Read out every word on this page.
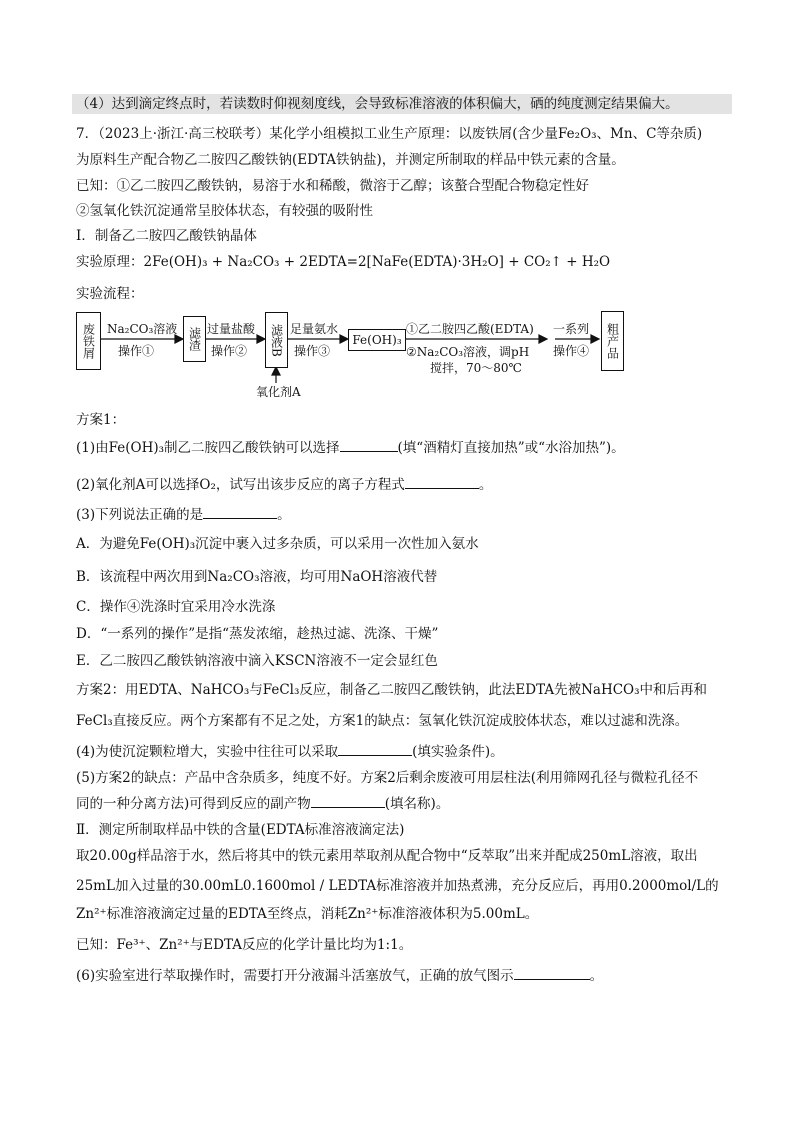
（4）达到滴定终点时，若读数时仰视刻度线，会导致标准溶液的体积偏大，硒的纯度测定结果偏大。
7．（2023上·浙江·高三校联考）某化学小组模拟工业生产原理：以废铁屑(含少量Fe₂O₃、Mn、C等杂质)
为原料生产配合物乙二胺四乙酸铁钠(EDTA铁钠盐)，并测定所制取的样品中铁元素的含量。
已知：①乙二胺四乙酸铁钠，易溶于水和稀酸，微溶于乙醇；该螯合型配合物稳定性好
②氢氧化铁沉淀通常呈胶体状态，有较强的吸附性
Ⅰ．制备乙二胺四乙酸铁钠晶体
实验原理：2Fe(OH)₃ + Na₂CO₃ + 2EDTA=2[NaFe(EDTA)·3H₂O] + CO₂↑ + H₂O
实验流程：
废铁屑 Na₂CO₃溶液
操作①	滤渣 过量盐酸
操作② 滤液B
氧化剂A
足量氨水
操作③
Fe(OH)₃
①乙二胺四乙酸(EDTA)
②Na₂CO₃溶液，调pH
搅拌，70～80℃
一系列
操作④ 粗产品
方案1：
(1)由Fe(OH)₃制乙二胺四乙酸铁钠可以选择	(填“酒精灯直接加热”或“水浴加热”)。
(2)氧化剂A可以选择O₂，试写出该步反应的离子方程式	。
(3)下列说法正确的是	。
A．为避免Fe(OH)₃沉淀中裹入过多杂质，可以采用一次性加入氨水
B．该流程中两次用到Na₂CO₃溶液，均可用NaOH溶液代替
C．操作④洗涤时宜采用冷水洗涤
D．“一系列的操作”是指“蒸发浓缩，趁热过滤、洗涤、干燥”
E．乙二胺四乙酸铁钠溶液中滴入KSCN溶液不一定会显红色
方案2：用EDTA、NaHCO₃与FeCl₃反应，制备乙二胺四乙酸铁钠，此法EDTA先被NaHCO₃中和后再和
FeCl₃直接反应。两个方案都有不足之处，方案1的缺点：氢氧化铁沉淀成胶体状态，难以过滤和洗涤。
(4)为使沉淀颗粒增大，实验中往往可以采取	(填实验条件)。
(5)方案2的缺点：产品中含杂质多，纯度不好。方案2后剩余废液可用层柱法(利用筛网孔径与微粒孔径不
同的一种分离方法)可得到反应的副产物	(填名称)。
Ⅱ．测定所制取样品中铁的含量(EDTA标准溶液滴定法)
取20.00g样品溶于水，然后将其中的铁元素用萃取剂从配合物中“反萃取”出来并配成250mL溶液，取出
25mL加入过量的30.00mL0.1600mol / LEDTA标准溶液并加热煮沸，充分反应后，再用0.2000mol/L的
Zn²⁺标准溶液滴定过量的EDTA至终点，消耗Zn²⁺标准溶液体积为5.00mL。
已知：Fe³⁺、Zn²⁺与EDTA反应的化学计量比均为1:1。
(6)实验室进行萃取操作时，需要打开分液漏斗活塞放气，正确的放气图示	。
